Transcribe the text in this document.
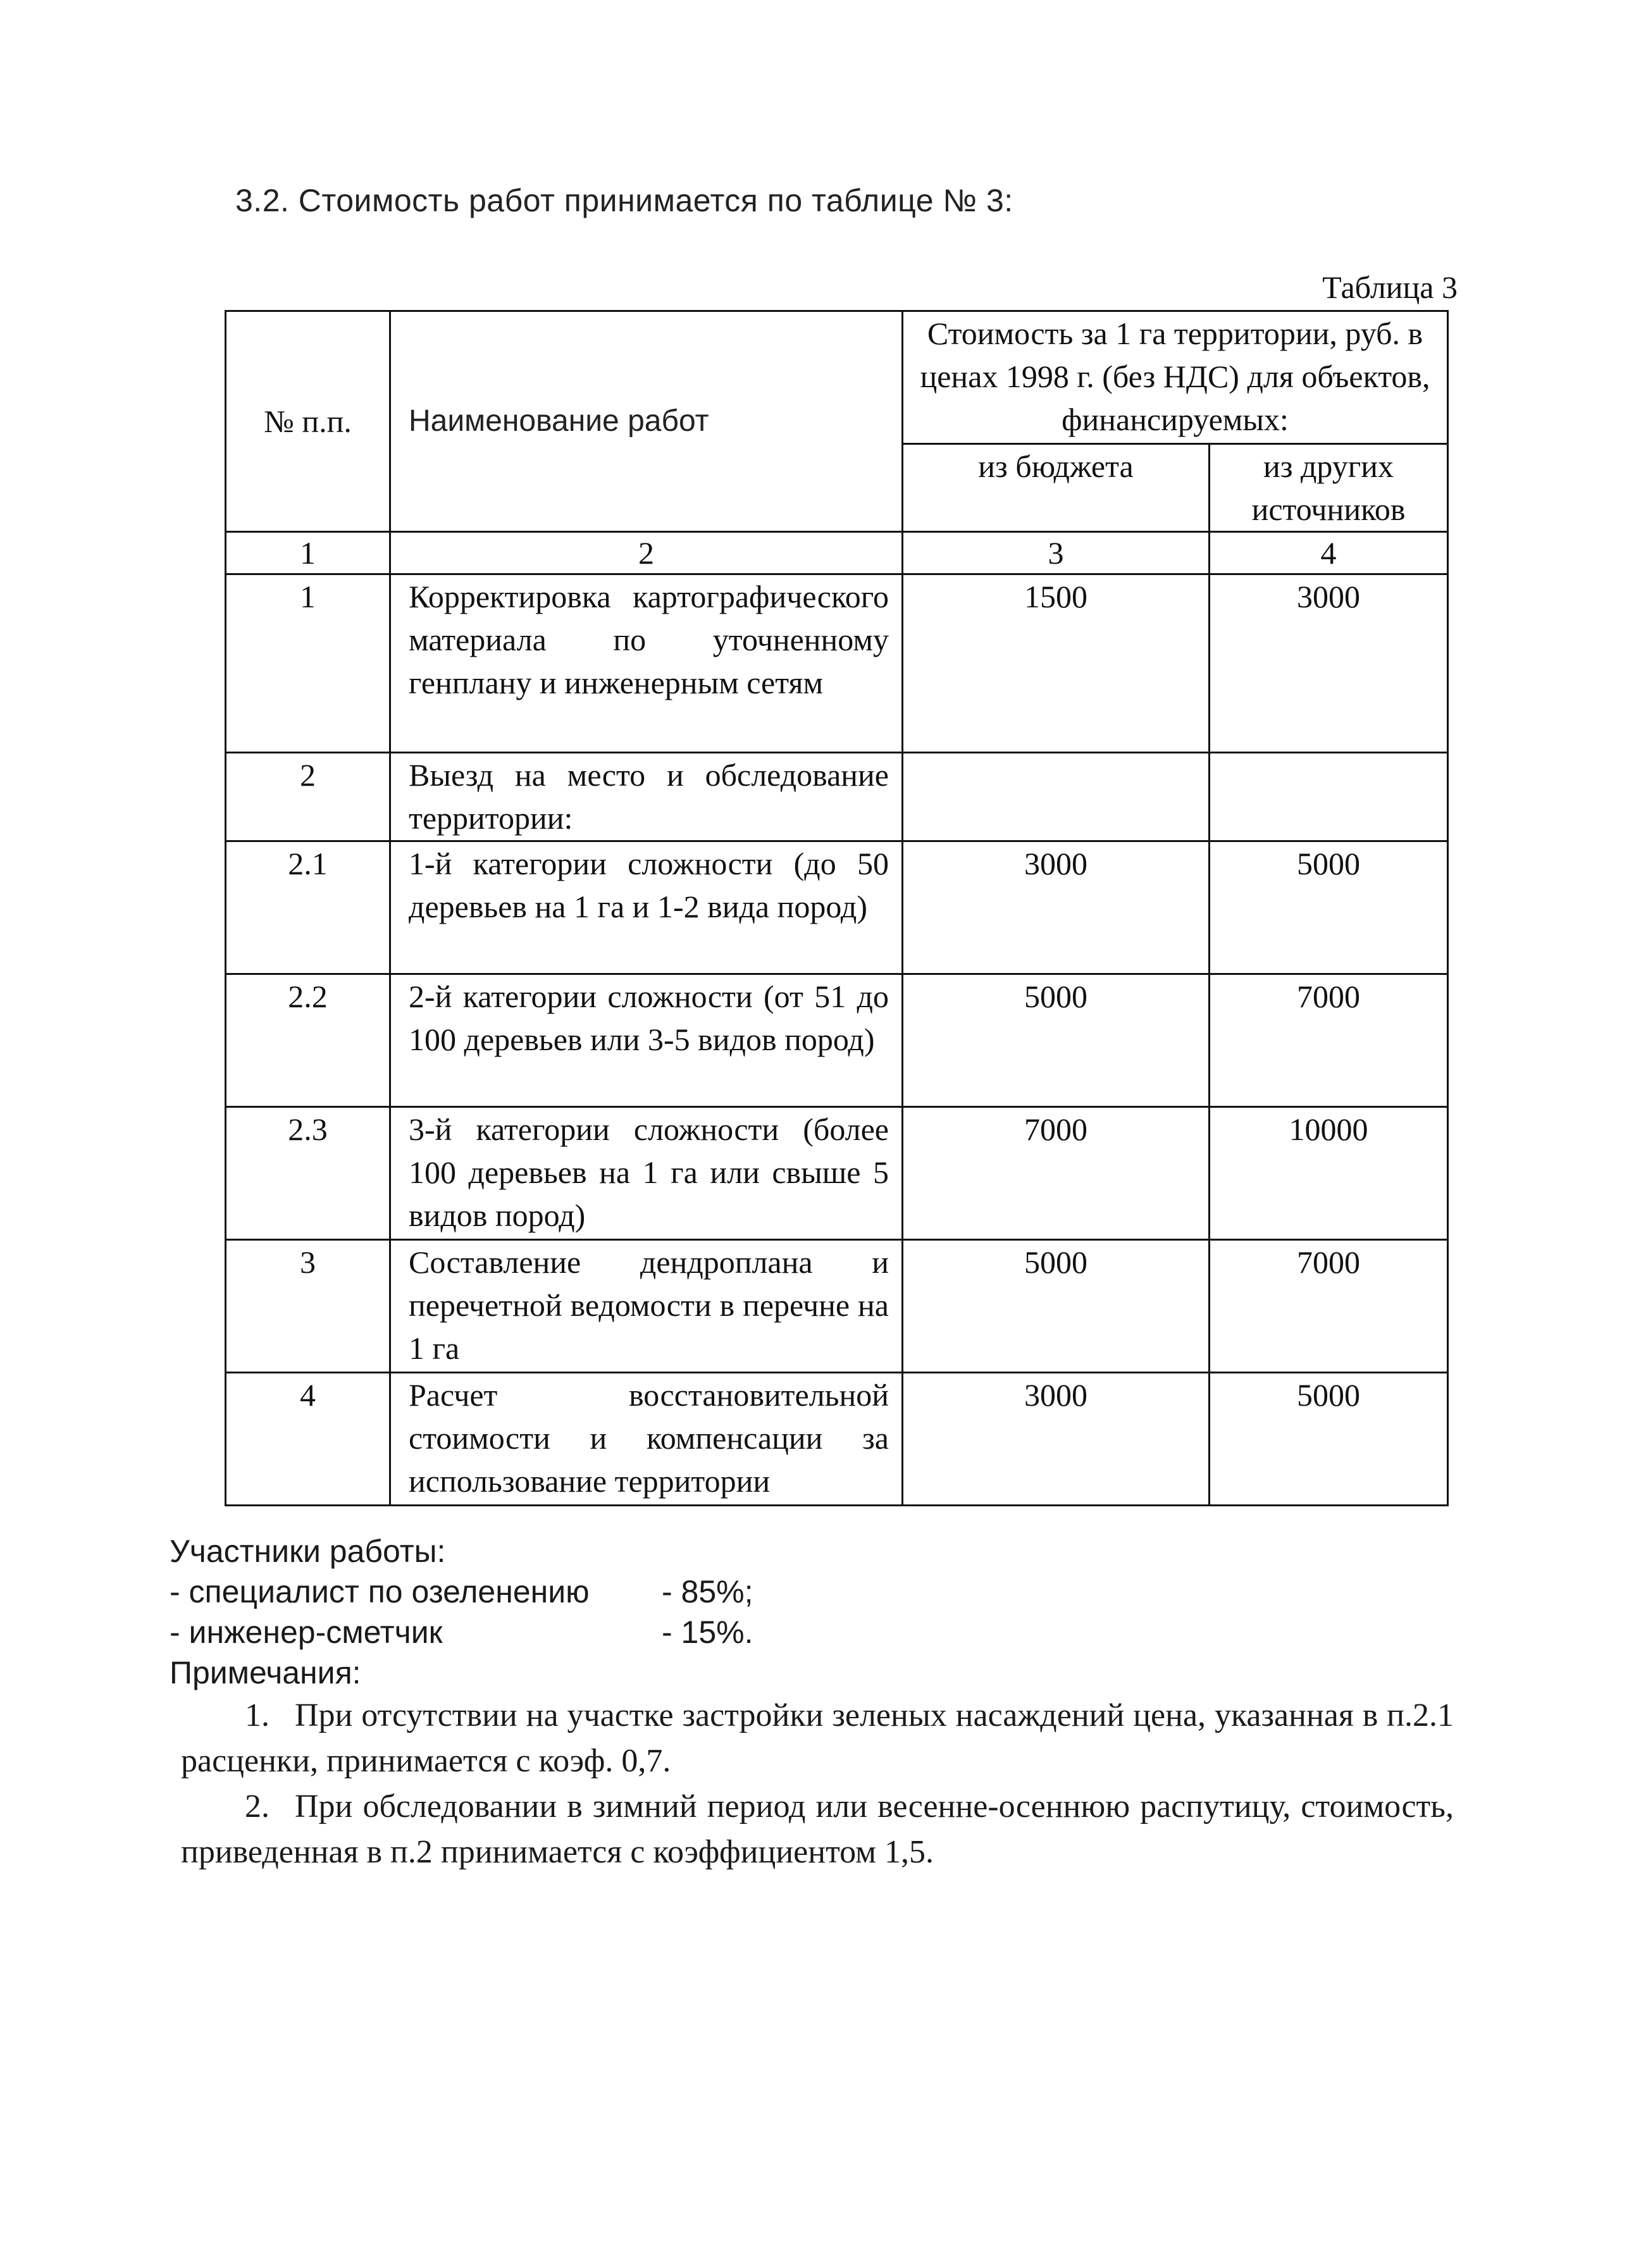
3.2. Стоимость работ принимается по таблице № 3:
Таблица 3
№ п.п.	Наименование работ	Стоимость за 1 га территории, руб. в ценах 1998 г. (без НДС) для объектов, финансируемых:	
		из бюджета	из других источников
1	2	3	4
1	Корректировка картографического материала по уточненному генплану и инженерным сетям	1500	3000
2	Выезд на место и обследование территории:		
2.1	1-й категории сложности (до 50 деревьев на 1 га и 1-2 вида пород)	3000	5000
2.2	2-й категории сложности (от 51 до 100 деревьев или 3-5 видов пород)	5000	7000
2.3	3-й категории сложности (более 100 деревьев на 1 га или свыше 5 видов пород)	7000	10000
3	Составление дендроплана и перечетной ведомости в перечне на 1 га	5000	7000
4	Расчет восстановительной стоимости и компенсации за использование территории	3000	5000
Участники работы:
- специалист по озеленению - 85%;
- инженер-сметчик	- 15%.
Примечания:
1. При отсутствии на участке застройки зеленых насаждений цена, указанная в п.2.1 расценки, принимается с коэф. 0,7.
2. При обследовании в зимний период или весенне-осеннюю распутицу, стоимость, приведенная в п.2 принимается с коэффициентом 1,5.
